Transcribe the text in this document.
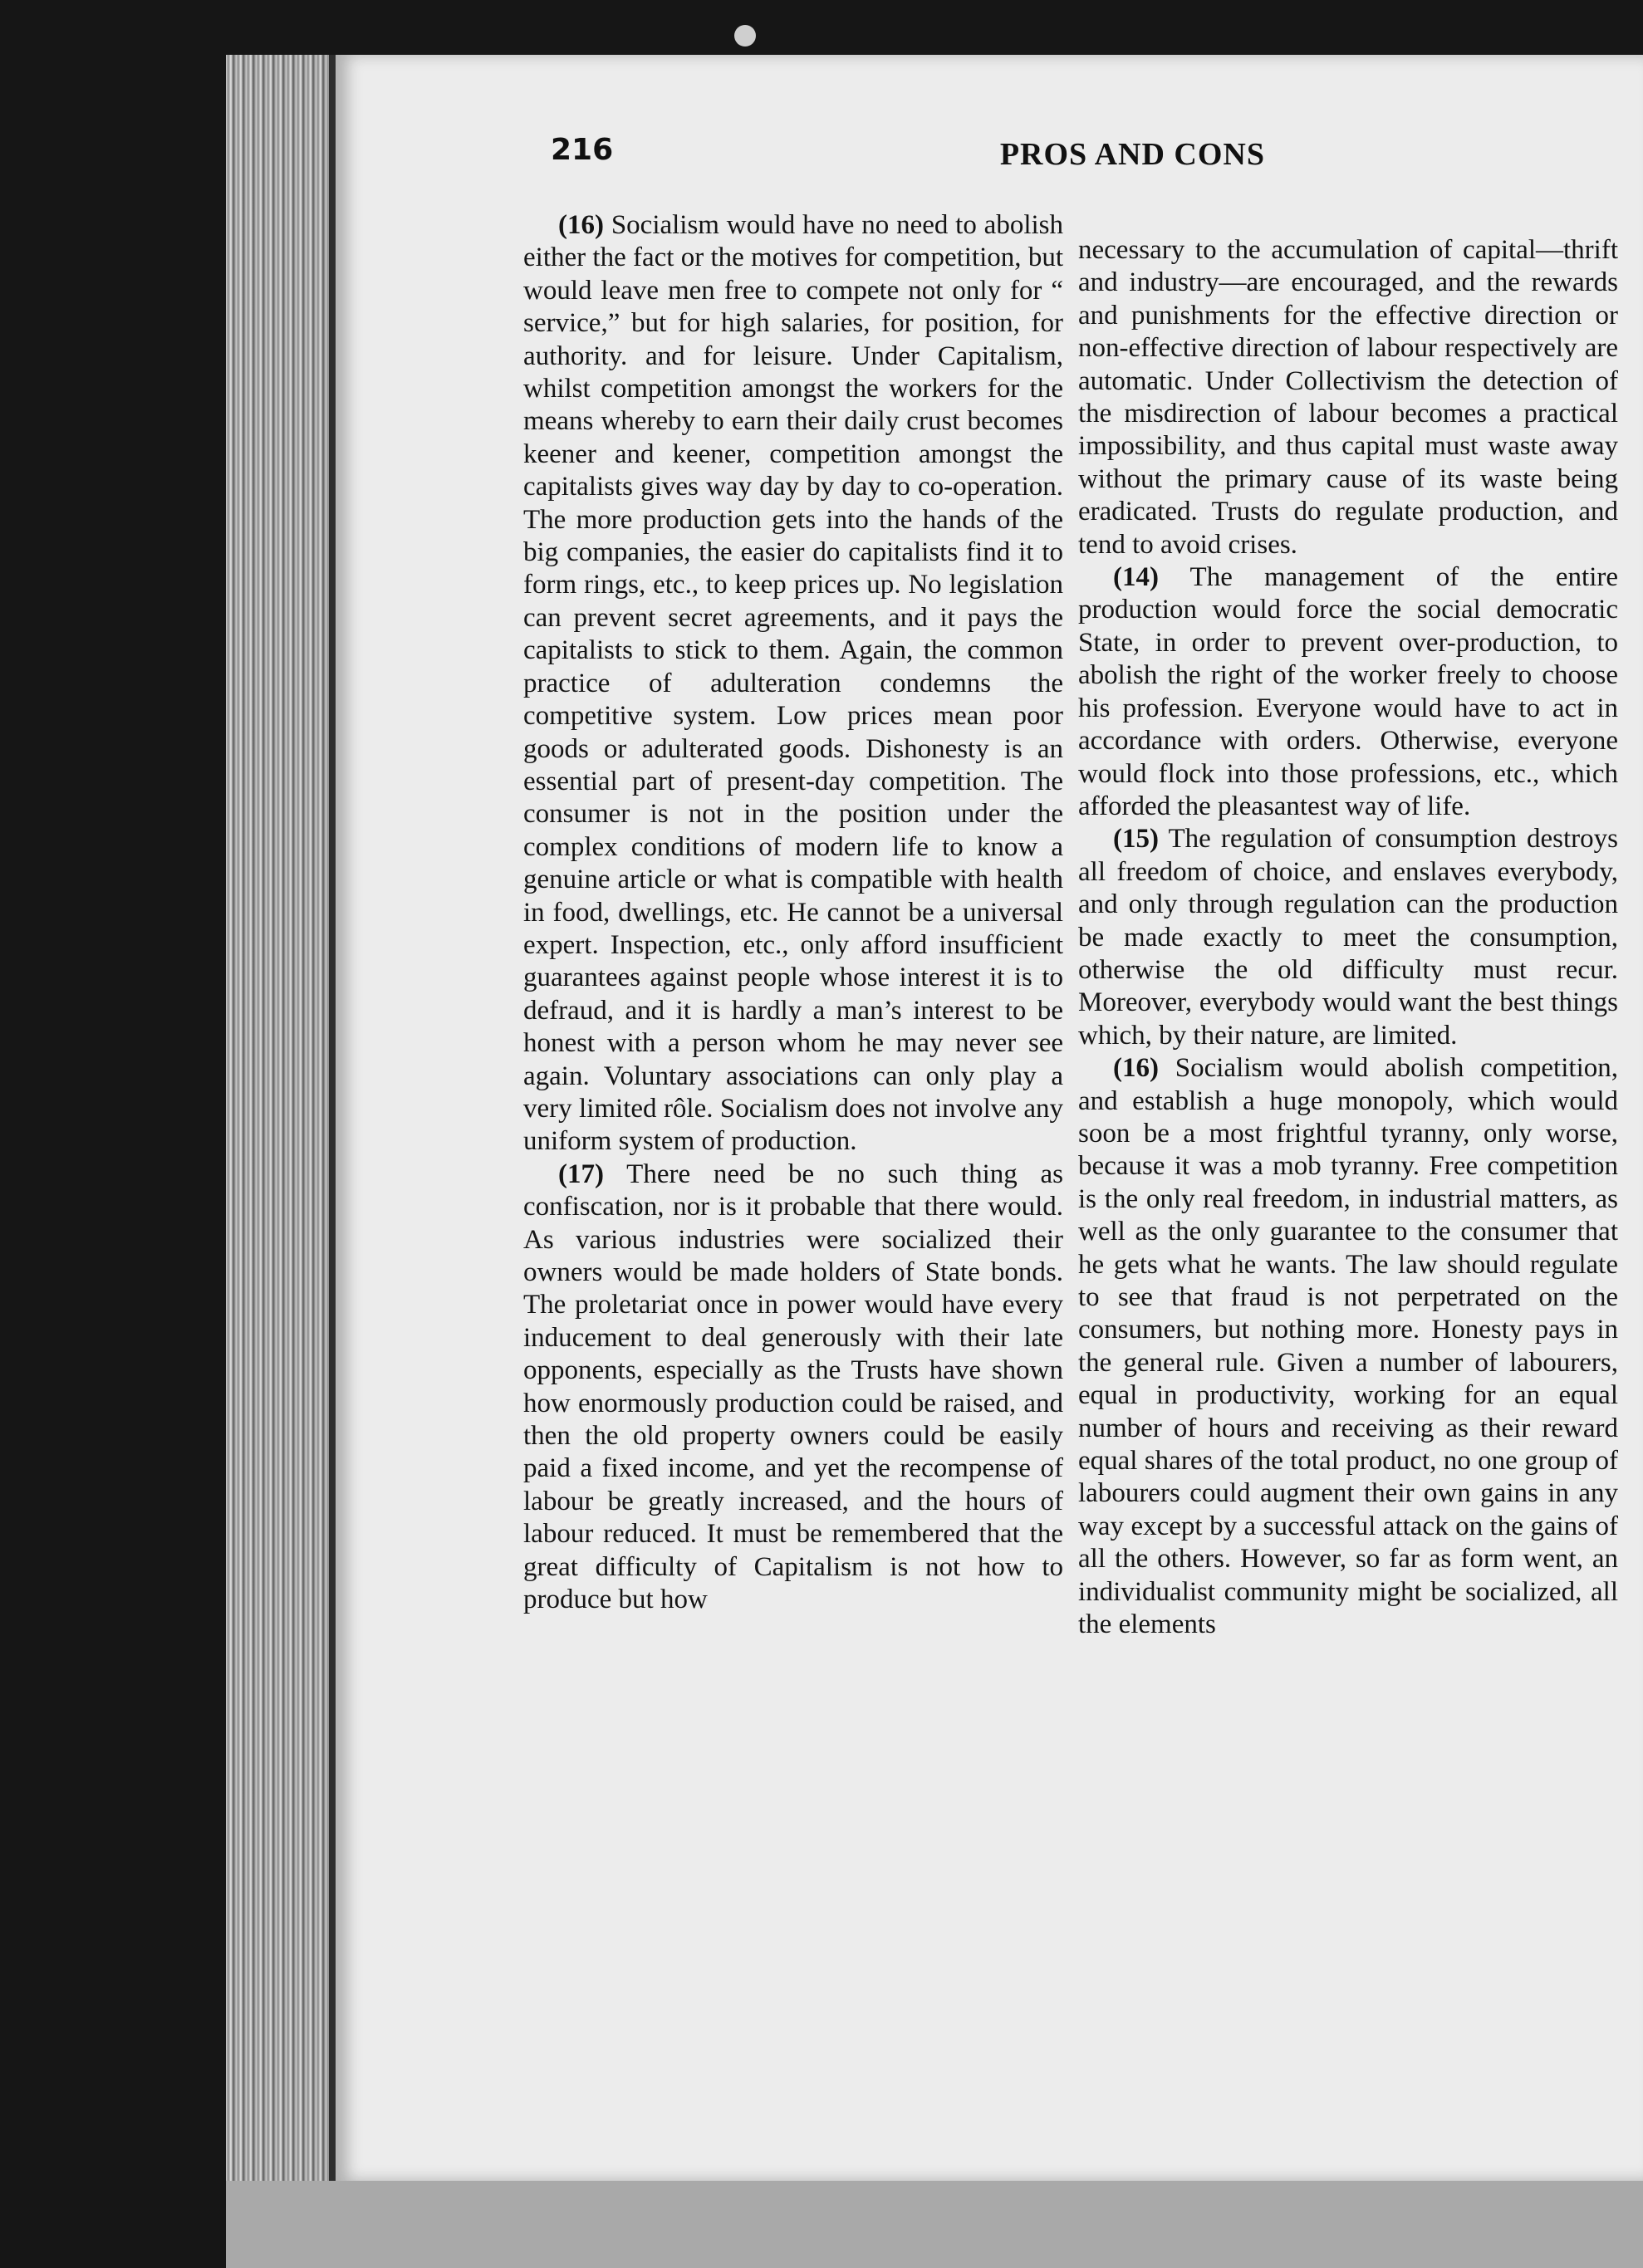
216	PROS AND CONS

(16) Socialism would have no need to abolish either the fact or the motives for competition, but would leave men free to compete not only for “ service,” but for high salaries, for position, for authority. and for leisure. Under Capitalism, whilst competition amongst the workers for the means whereby to earn their daily crust becomes keener and keener, competition amongst the capitalists gives way day by day to co-operation. The more production gets into the hands of the big companies, the easier do capitalists find it to form rings, etc., to keep prices up. No legislation can prevent secret agreements, and it pays the capitalists to stick to them. Again, the common practice of adulteration condemns the competitive system. Low prices mean poor goods or adulterated goods. Dishonesty is an essential part of present-day competition. The consumer is not in the position under the complex conditions of modern life to know a genuine article or what is compatible with health in food, dwellings, etc. He cannot be a universal expert. Inspection, etc., only afford insufficient guarantees against people whose interest it is to defraud, and it is hardly a man’s interest to be honest with a person whom he may never see again. Voluntary associations can only play a very limited rôle. Socialism does not involve any uniform system of production.

(17) There need be no such thing as confiscation, nor is it probable that there would. As various industries were socialized their owners would be made holders of State bonds. The proletariat once in power would have every inducement to deal generously with their late opponents, especially as the Trusts have shown how enormously production could be raised, and then the old property owners could be easily paid a fixed income, and yet the recompense of labour be greatly increased, and the hours of labour reduced. It must be remembered that the great difficulty of Capitalism is not how to produce but how

necessary to the accumulation of capital—thrift and industry—are encouraged, and the rewards and punishments for the effective direction or non-effective direction of labour respectively are automatic. Under Collectivism the detection of the misdirection of labour becomes a practical impossibility, and thus capital must waste away without the primary cause of its waste being eradicated. Trusts do regulate production, and tend to avoid crises.

(14) The management of the entire production would force the social democratic State, in order to prevent over-production, to abolish the right of the worker freely to choose his profession. Everyone would have to act in accordance with orders. Otherwise, everyone would flock into those professions, etc., which afforded the pleasantest way of life.

(15) The regulation of consumption destroys all freedom of choice, and enslaves everybody, and only through regulation can the production be made exactly to meet the consumption, otherwise the old difficulty must recur. Moreover, everybody would want the best things which, by their nature, are limited.

(16) Socialism would abolish competition, and establish a huge monopoly, which would soon be a most frightful tyranny, only worse, because it was a mob tyranny. Free competition is the only real freedom, in industrial matters, as well as the only guarantee to the consumer that he gets what he wants. The law should regulate to see that fraud is not perpetrated on the consumers, but nothing more. Honesty pays in the general rule. Given a number of labourers, equal in productivity, working for an equal number of hours and receiving as their reward equal shares of the total product, no one group of labourers could augment their own gains in any way except by a successful attack on the gains of all the others. However, so far as form went, an individualist community might be socialized, all the elements
